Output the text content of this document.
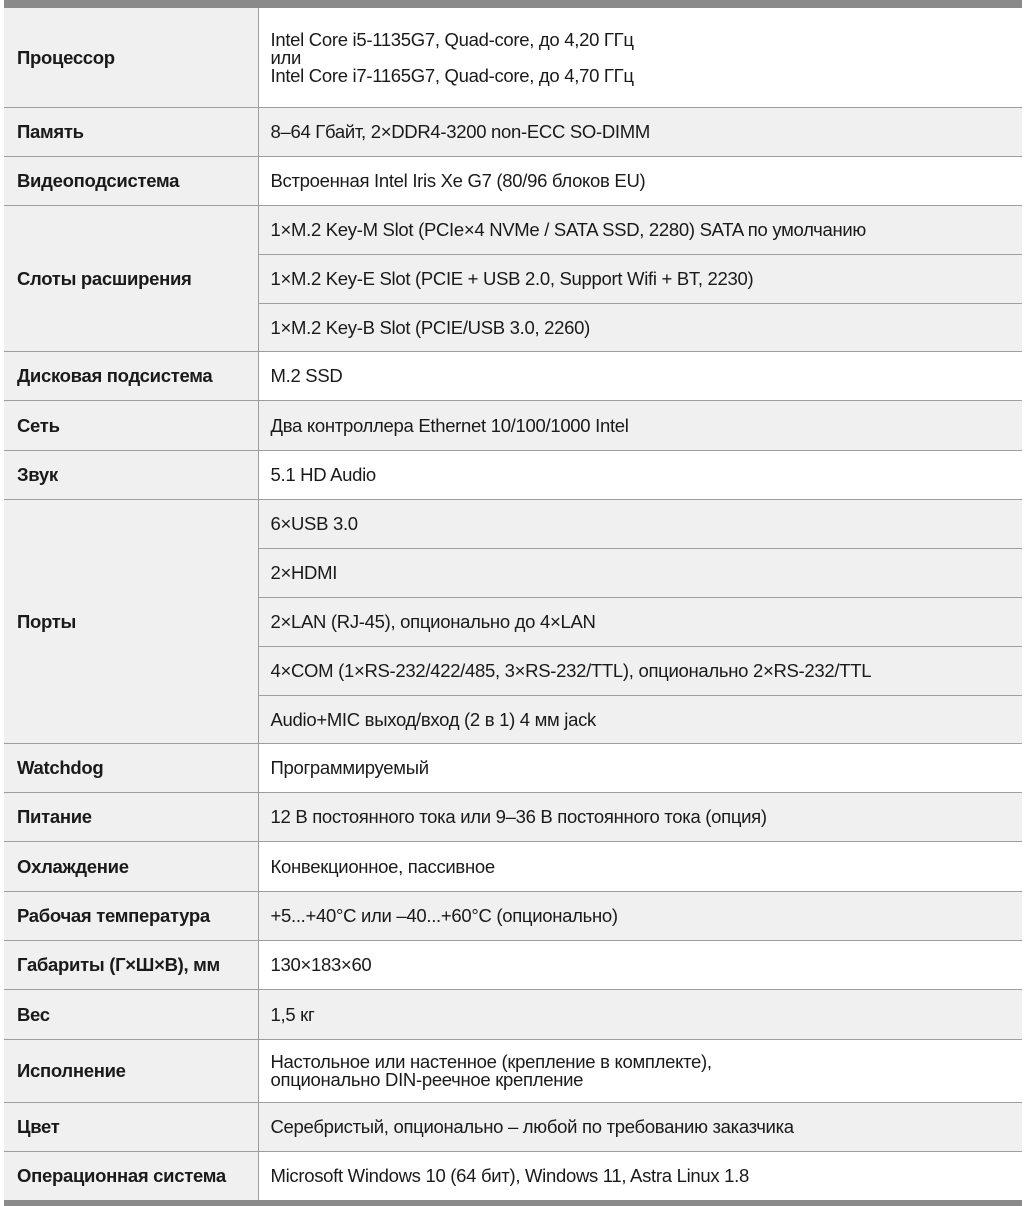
Процессор	Intel Core i5-1135G7, Quad-core, до 4,20 ГГц
или
Intel Core i7-1165G7, Quad-core, до 4,70 ГГц

Память	8–64 Гбайт, 2×DDR4-3200 non-ECC SO-DIMM

Видеоподсистема	Встроенная Intel Iris Xe G7 (80/96 блоков EU)

Слоты расширения	1×M.2 Key-M Slot (PCIe×4 NVMe / SATA SSD, 2280) SATA по умолчанию
1×M.2 Key-E Slot (PCIE + USB 2.0, Support Wifi + BT, 2230)
1×M.2 Key-B Slot (PCIE/USB 3.0, 2260)

Дисковая подсистема	M.2 SSD

Сеть	Два контроллера Ethernet 10/100/1000 Intel

Звук	5.1 HD Audio

Порты	6×USB 3.0
2×HDMI
2×LAN (RJ-45), опционально до 4×LAN
4×COM (1×RS-232/422/485, 3×RS-232/TTL), опционально 2×RS-232/TTL
Audio+MIC выход/вход (2 в 1) 4 мм jack

Watchdog	Программируемый

Питание	12 В постоянного тока или 9–36 В постоянного тока (опция)

Охлаждение	Конвекционное, пассивное

Рабочая температура	+5...+40°C или –40...+60°C (опционально)

Габариты (Г×Ш×В), мм	130×183×60

Вес	1,5 кг

Исполнение	Настольное или настенное (крепление в комплекте),
опционально DIN-реечное крепление

Цвет	Серебристый, опционально – любой по требованию заказчика

Операционная система	Microsoft Windows 10 (64 бит), Windows 11, Astra Linux 1.8
